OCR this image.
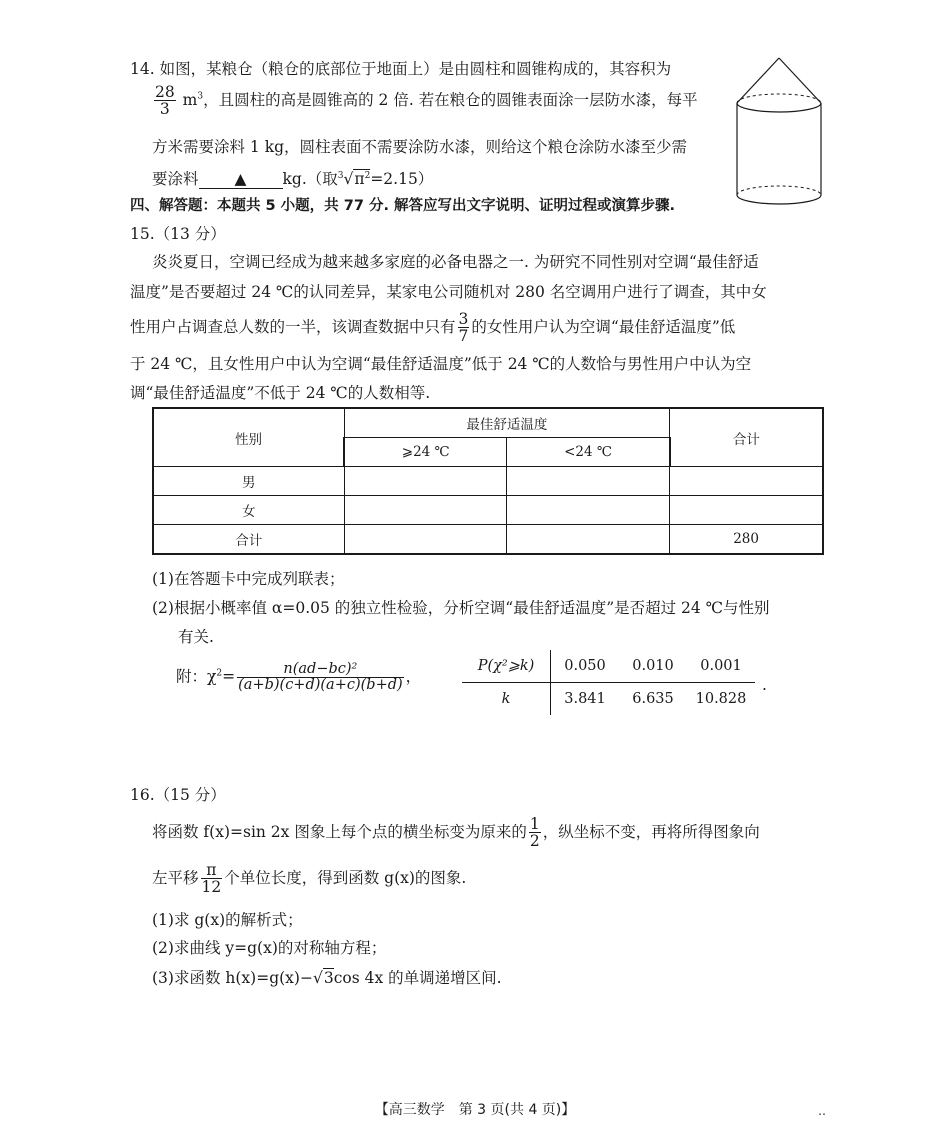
14. 如图，某粮仓（粮仓的底部位于地面上）是由圆柱和圆锥构成的，其容积为
$\frac{28}{3} m^3$，且圆柱的高是圆锥高的 2 倍. 若在粮仓的圆锥表面涂一层防水漆，每平
方米需要涂料 1 kg，圆柱表面不需要涂防水漆，则给这个粮仓涂防水漆至少需
要涂料 ▲ kg.（取$^3√\pi^2=2.15$）
四、解答题：本题共 5 小题，共 77 分. 解答应写出文字说明、证明过程或演算步骤.
15.（13 分）
炎炎夏日，空调已经成为越来越多家庭的必备电器之一. 为研究不同性别对空调“最佳舒适
温度”是否要超过 24 ℃的认同差异，某家电公司随机对 280 名空调用户进行了调查，其中女
性用户占调查总人数的一半，该调查数据中只有 $\frac{3}{7}$ 的女性用户认为空调“最佳舒适温度”低
于 24 ℃，且女性用户中认为空调“最佳舒适温度”低于 24 ℃的人数恰与男性用户中认为空
调“最佳舒适温度”不低于 24 ℃的人数相等.
性别	最佳舒适温度		合计
	⩾24 ℃	<24 ℃	
男			
女			
合计			280
(1)在答题卡中完成列联表；
(2)根据小概率值 α=0.05 的独立性检验，分析空调“最佳舒适温度”是否超过 24 ℃与性别
有关.
附：$\chi^2= \frac{\text{n(ad−bc)²}}{(a+b)(c+d)(a+c)(b+d)}$ ，
P(χ²⩾k)	0.050	0.010	0.001
k	3.841	6.635	10.828
.
16.（15 分）
将函数 f(x)=sin 2x 图象上每个点的横坐标变为原来的 $\frac{1}{2}$ ，纵坐标不变，再将所得图象向
左平移 $\frac{\pi}{12}$ 个单位长度，得到函数 g(x)的图象.
(1)求 g(x)的解析式；
(2)求曲线 y=g(x)的对称轴方程；
(3)求函数 h(x)=g(x)−√3cos 4x 的单调递增区间.
【高三数学　第 3 页(共 4 页)】	‥
